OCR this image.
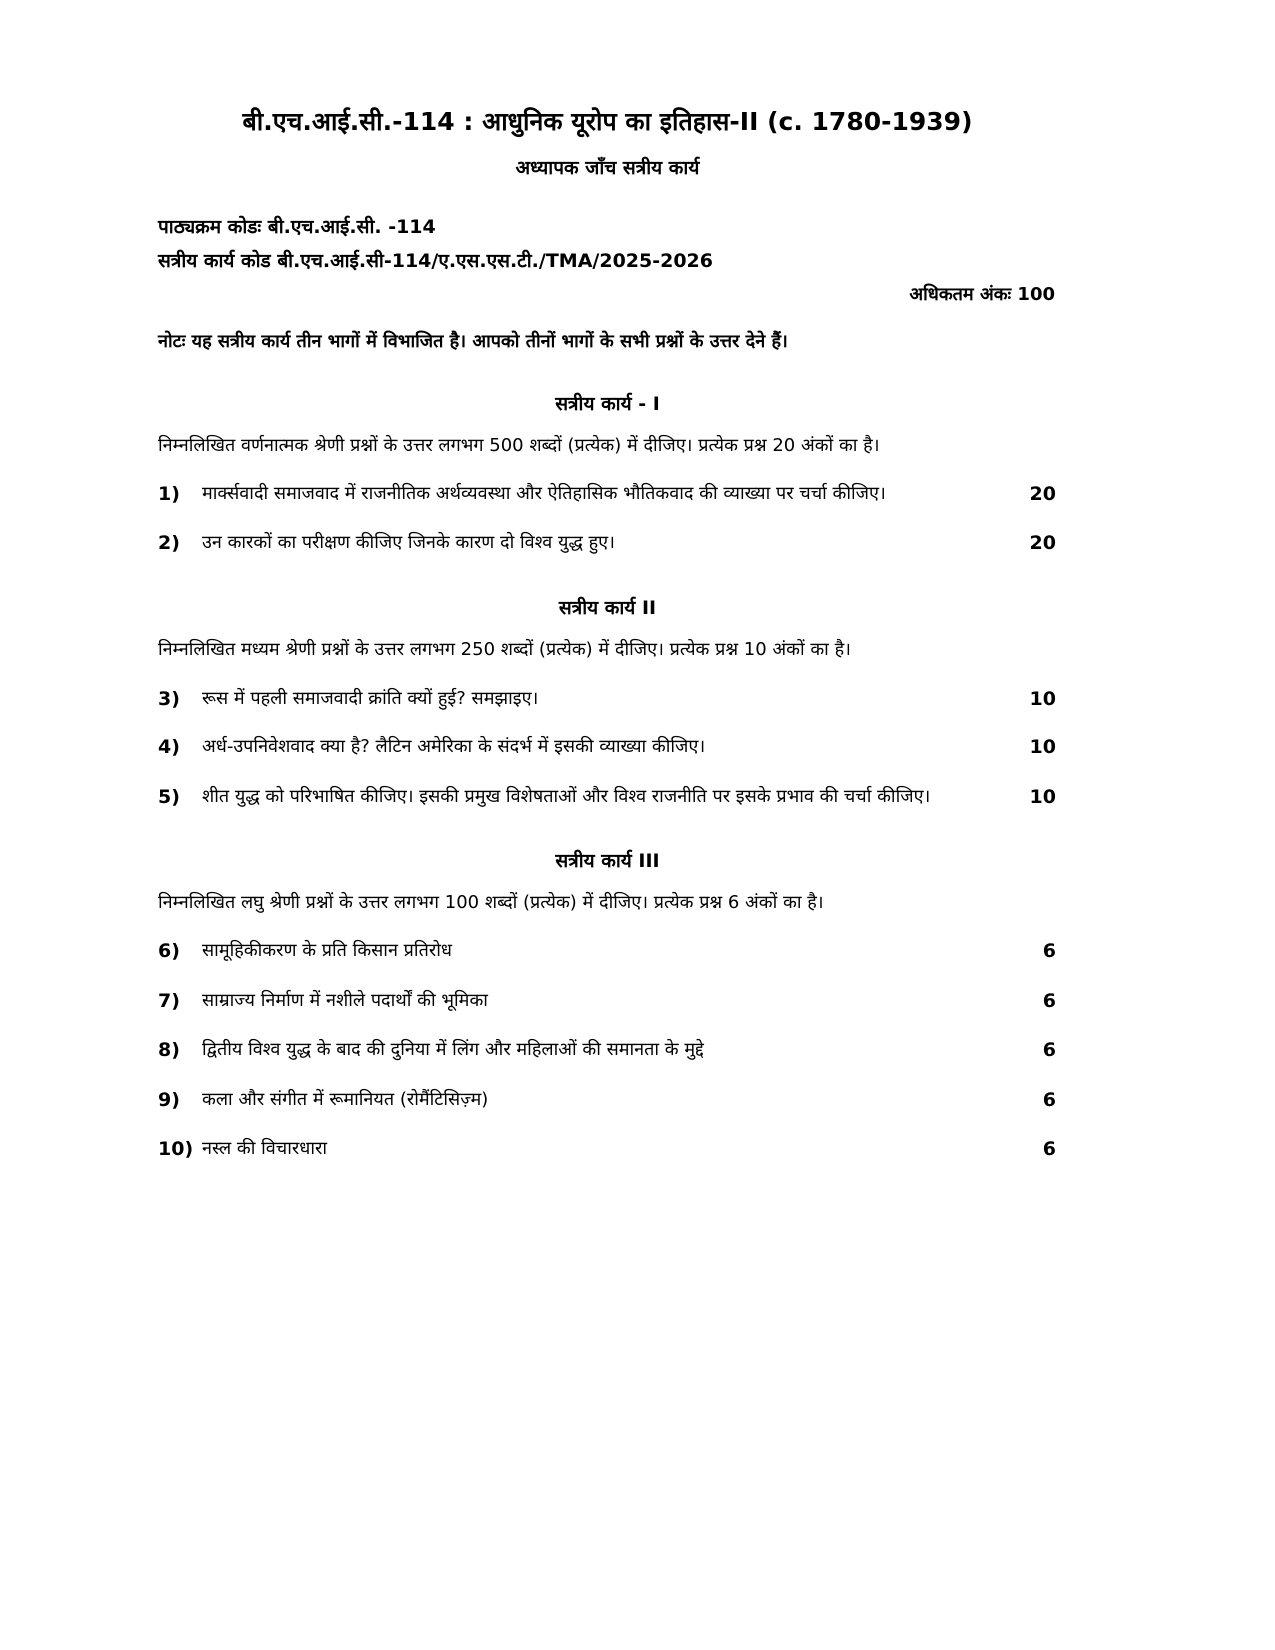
बी.एच.आई.सी.-114 : आधुनिक यूरोप का इतिहास-II (c. 1780-1939)
अध्यापक जाँच सत्रीय कार्य
पाठ्यक्रम कोडः बी.एच.आई.सी. -114
सत्रीय कार्य कोड बी.एच.आई.सी-114/ए.एस.एस.टी./TMA/2025-2026
अधिकतम अंकः 100
नोटः यह सत्रीय कार्य तीन भागों में विभाजित है। आपको तीनों भागों के सभी प्रश्नों के उत्तर देने हैं।
सत्रीय कार्य - I
निम्नलिखित वर्णनात्मक श्रेणी प्रश्नों के उत्तर लगभग 500 शब्दों (प्रत्येक) में दीजिए। प्रत्येक प्रश्न 20 अंकों का है।
1) मार्क्सवादी समाजवाद में राजनीतिक अर्थव्यवस्था और ऐतिहासिक भौतिकवाद की व्याख्या पर चर्चा कीजिए।	20
2) उन कारकों का परीक्षण कीजिए जिनके कारण दो विश्व युद्ध हुए।	20
सत्रीय कार्य II
निम्नलिखित मध्यम श्रेणी प्रश्नों के उत्तर लगभग 250 शब्दों (प्रत्येक) में दीजिए। प्रत्येक प्रश्न 10 अंकों का है।
3) रूस में पहली समाजवादी क्रांति क्यों हुई? समझाइए।	10
4) अर्ध-उपनिवेशवाद क्या है? लैटिन अमेरिका के संदर्भ में इसकी व्याख्या कीजिए।	10
5) शीत युद्ध को परिभाषित कीजिए। इसकी प्रमुख विशेषताओं और विश्व राजनीति पर इसके प्रभाव की चर्चा कीजिए।	10
सत्रीय कार्य III
निम्नलिखित लघु श्रेणी प्रश्नों के उत्तर लगभग 100 शब्दों (प्रत्येक) में दीजिए। प्रत्येक प्रश्न 6 अंकों का है।
6) सामूहिकीकरण के प्रति किसान प्रतिरोध	6
7) साम्राज्य निर्माण में नशीले पदार्थों की भूमिका	6
8) द्वितीय विश्व युद्ध के बाद की दुनिया में लिंग और महिलाओं की समानता के मुद्दे	6
9) कला और संगीत में रूमानियत (रोमैंटिसिज़्म)	6
10) नस्ल की विचारधारा	6
